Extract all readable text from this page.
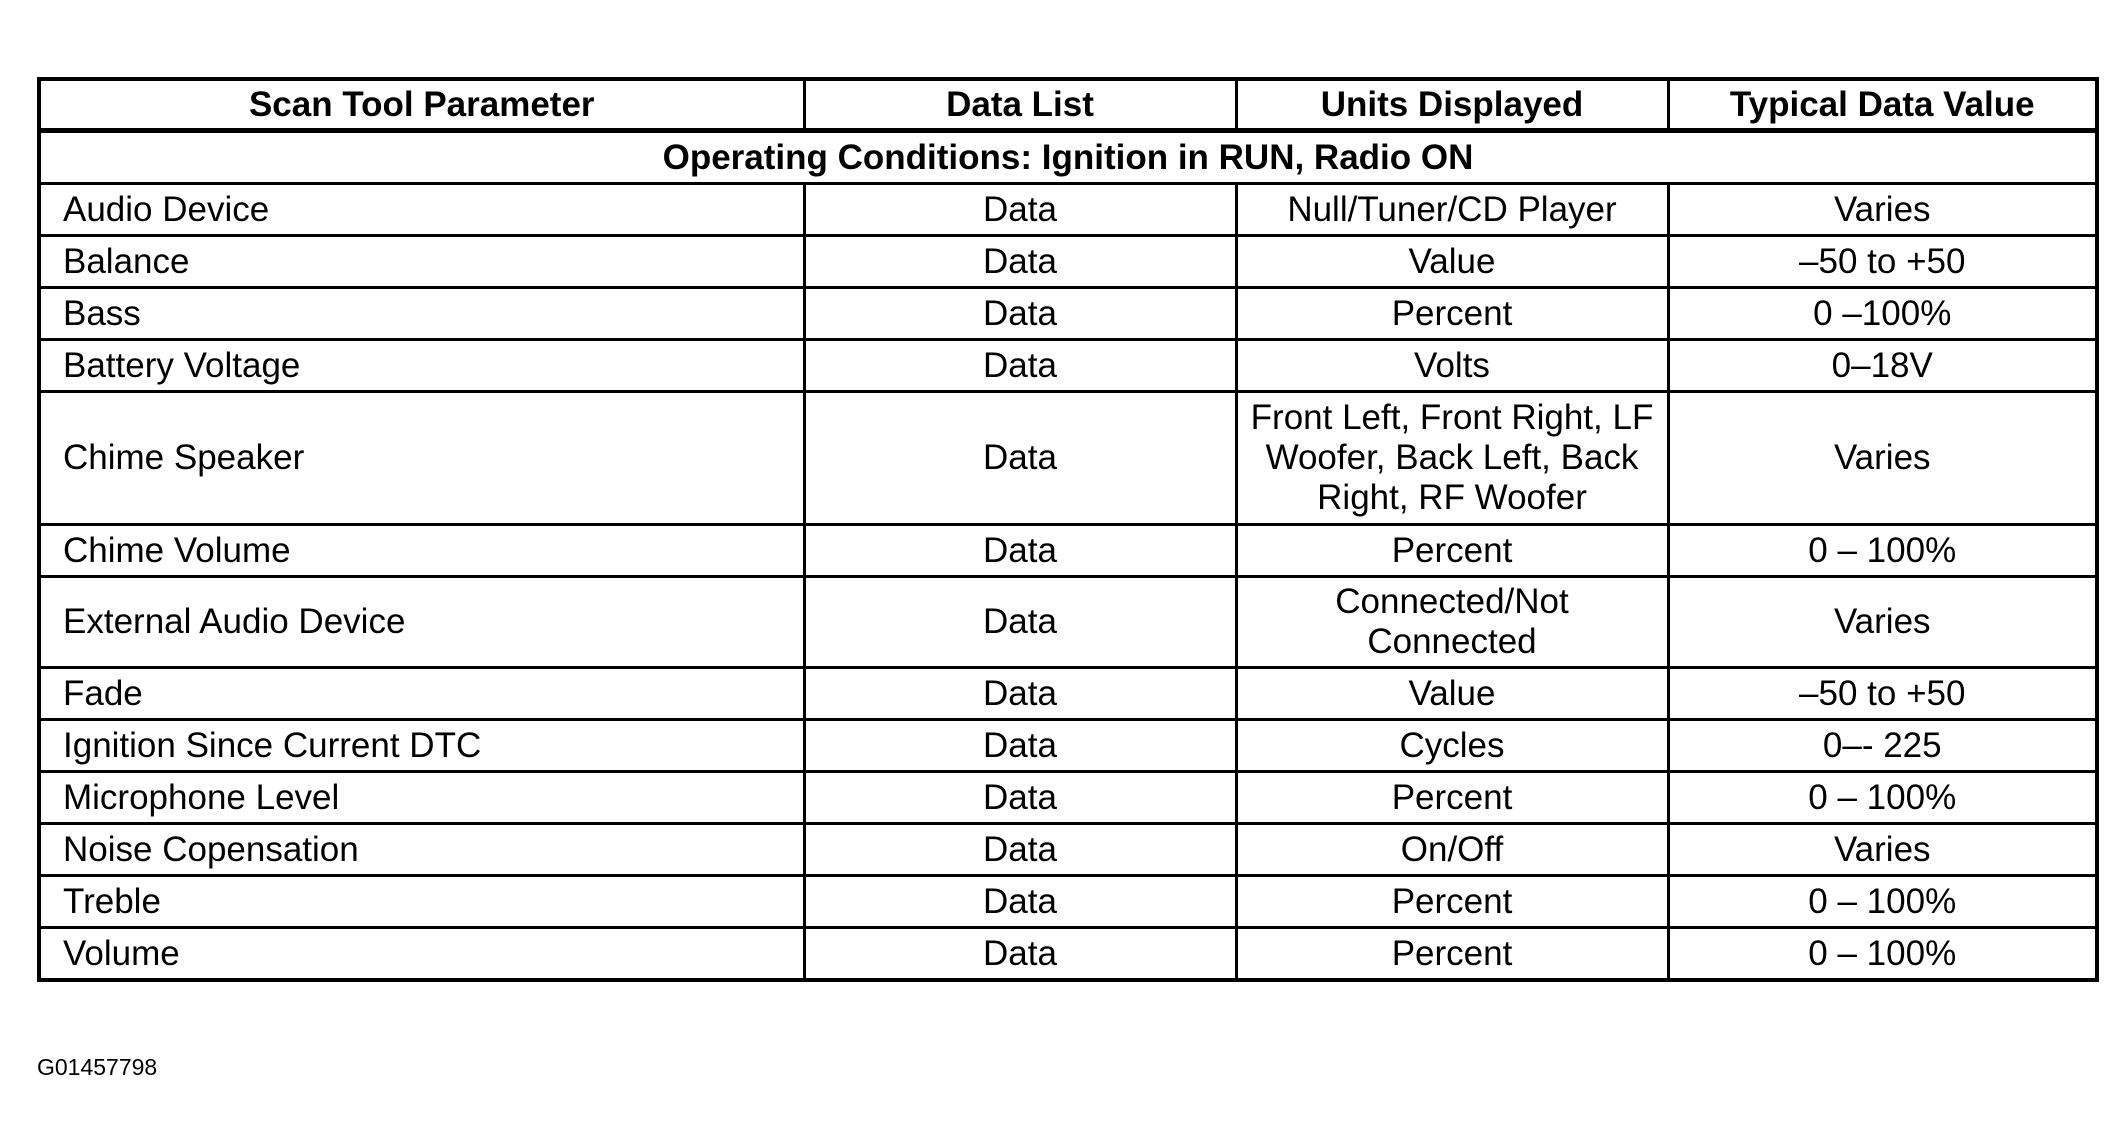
Scan Tool Parameter	Data List	Units Displayed	Typical Data Value
Operating Conditions: Ignition in RUN, Radio ON			
Audio Device	Data	Null/Tuner/CD Player	Varies
Balance	Data	Value	–50 to +50
Bass	Data	Percent	0 –100%
Battery Voltage	Data	Volts	0–18V
Chime Speaker	Data	Front Left, Front Right, LF Woofer, Back Left, Back Right, RF Woofer	Varies
Chime Volume	Data	Percent	0 – 100%
External Audio Device	Data	Connected/Not Connected	Varies
Fade	Data	Value	–50 to +50
Ignition Since Current DTC	Data	Cycles	0–- 225
Microphone Level	Data	Percent	0 – 100%
Noise Copensation	Data	On/Off	Varies
Treble	Data	Percent	0 – 100%
Volume	Data	Percent	0 – 100%
G01457798
